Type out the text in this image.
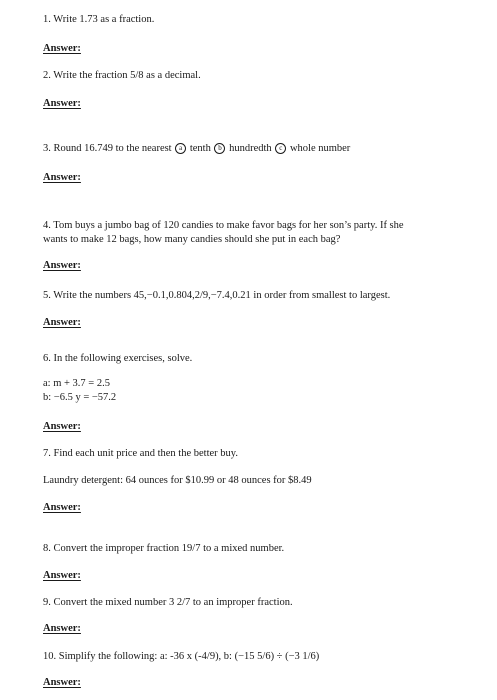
1. Write 1.73 as a fraction.
Answer:
2. Write the fraction 5/8 as a decimal.
Answer:
3. Round 16.749 to the nearest a tenth b hundredth c whole number
Answer:
4. Tom buys a jumbo bag of 120 candies to make favor bags for her son’s party. If she
wants to make 12 bags, how many candies should she put in each bag?
Answer:
5. Write the numbers 45,−0.1,0.804,2/9,−7.4,0.21 in order from smallest to largest.
Answer:
6. In the following exercises, solve.
a: m + 3.7 = 2.5
b: −6.5 y = −57.2
Answer:
7. Find each unit price and then the better buy.
Laundry detergent: 64 ounces for $10.99 or 48 ounces for $8.49
Answer:
8. Convert the improper fraction 19/7 to a mixed number.
Answer:
9. Convert the mixed number 3 2/7 to an improper fraction.
Answer:
10. Simplify the following: a: -36 x (-4/9), b: (−15 5/6) ÷ (−3 1/6)
Answer:
